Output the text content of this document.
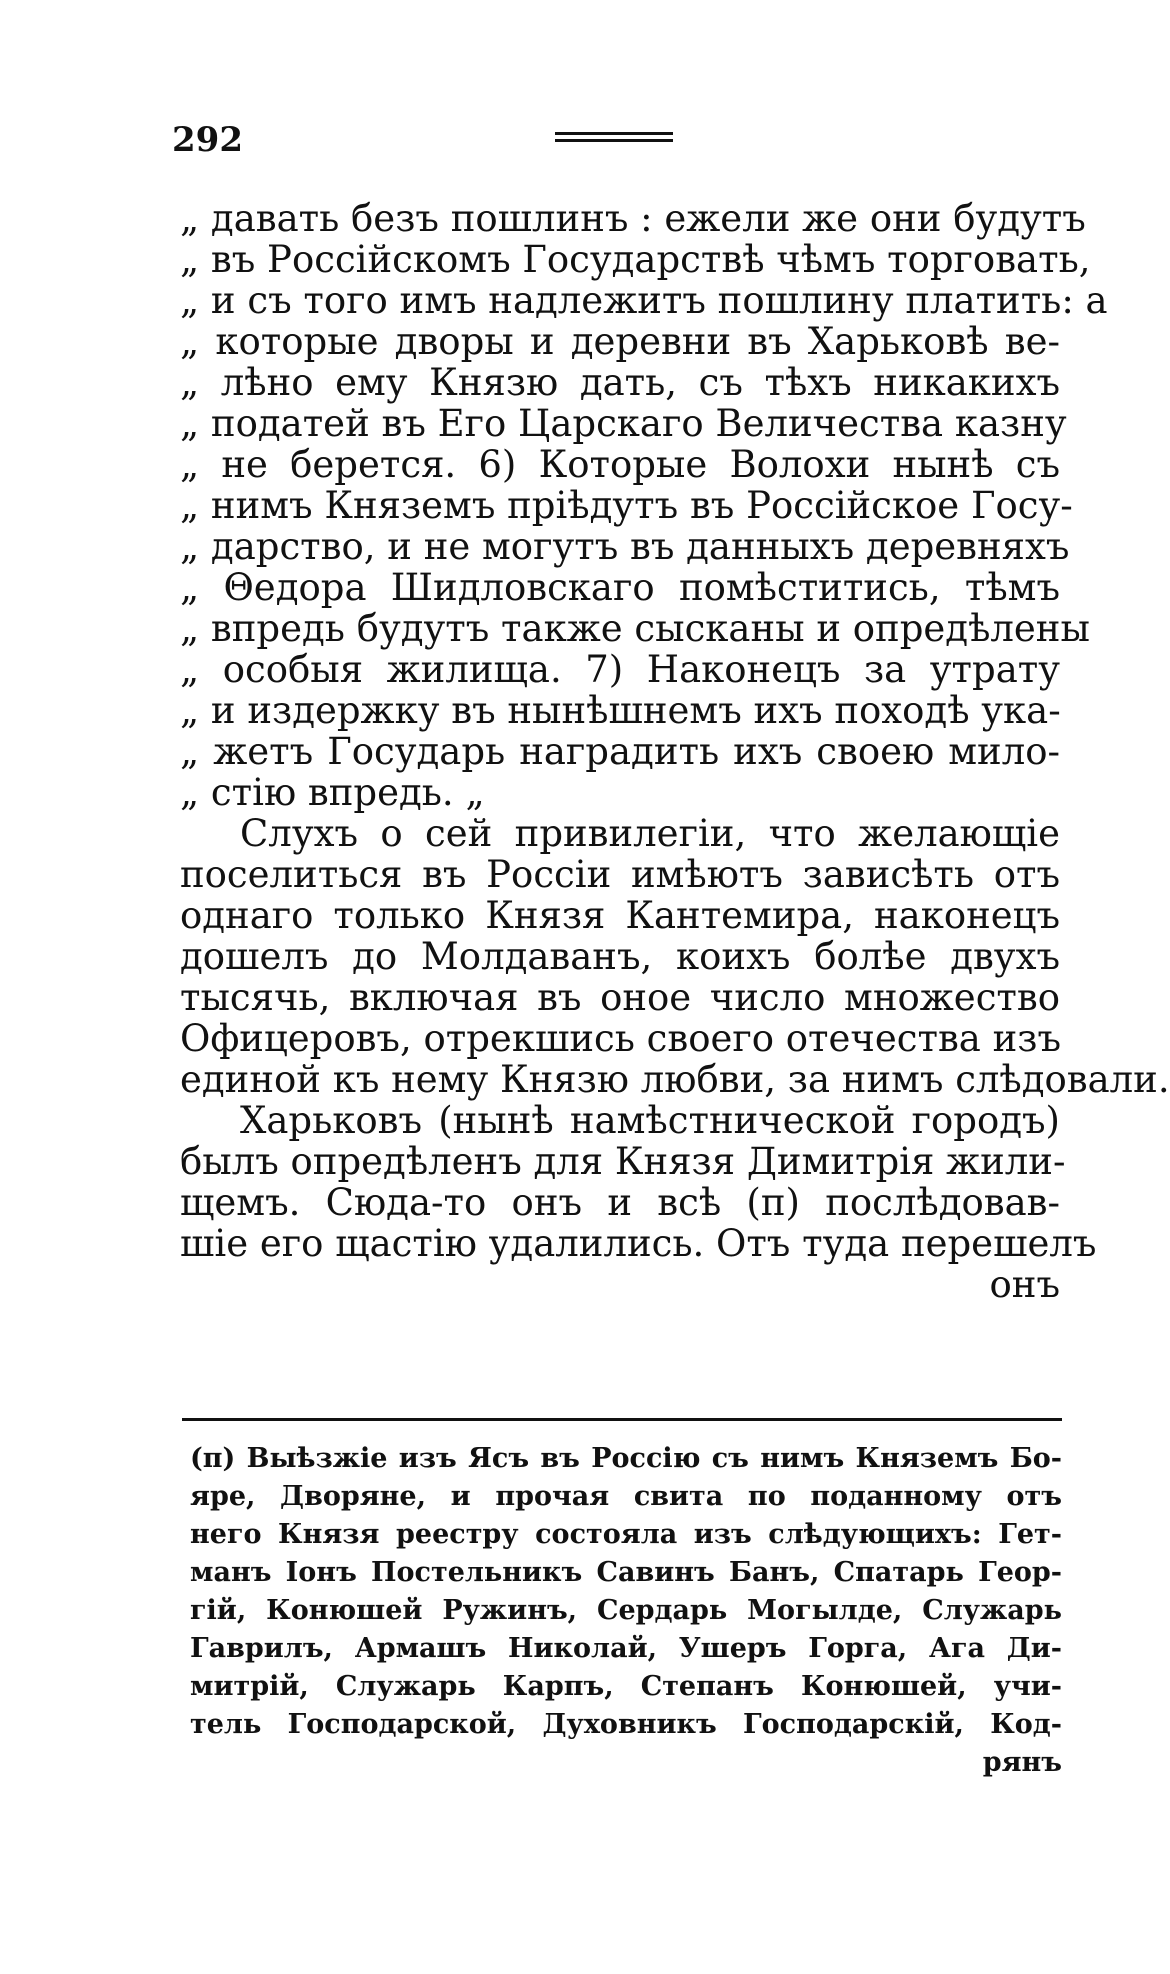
292
„ давать безъ пошлинъ : ежели же они будутъ
„ въ Россійскомъ Государствѣ чѣмъ торговать,
„ и съ того имъ надлежитъ пошлину платить: а
„ которые дворы и деревни въ Харьковѣ ве-
„ лѣно ему Князю дать, съ тѣхъ никакихъ
„ податей въ Его Царскаго Величества казну
„ не берется. 6) Которые Волохи нынѣ съ
„ нимъ Княземъ пріѣдутъ въ Россійское Госу-
„ дарство, и не могутъ въ данныхъ деревняхъ
„ Θедора Шидловскаго помѣститись, тѣмъ
„ впредь будутъ также сысканы и опредѣлены
„ особыя жилища. 7) Наконецъ за утрату
„ и издержку въ нынѣшнемъ ихъ походѣ ука-
„ жетъ Государь наградить ихъ своею мило-
„ стію впредь. „
Слухъ о сей привилегіи, что желающіе
поселиться въ Россіи имѣютъ зависѣть отъ
однаго только Князя Кантемира, наконецъ
дошелъ до Молдаванъ, коихъ болѣе двухъ
тысячь, включая въ оное число множество
Офицеровъ, отрекшись своего отечества изъ
единой къ нему Князю любви, за нимъ слѣдовали.
Харьковъ (нынѣ намѣстнической городъ)
былъ опредѣленъ для Князя Димитрія жили-
щемъ. Сюда-то онъ и всѣ (п) послѣдовав-
шіе его щастію удалились. Отъ туда перешелъ
онъ
(п) Выѣзжіе изъ Ясъ въ Россію съ нимъ Княземъ Бо-
яре, Дворяне, и прочая свита по поданному отъ
него Князя реестру состояла изъ слѣдующихъ: Гет-
манъ Іонъ Постельникъ Савинъ Банъ, Спатарь Геор-
гій, Конюшей Ружинъ, Сердарь Могылде, Служарь
Гаврилъ, Армашъ Николай, Ушеръ Горга, Ага Ди-
митрій, Служарь Карпъ, Степанъ Конюшей, учи-
тель Господарской, Духовникъ Господарскій, Код-
рянъ
